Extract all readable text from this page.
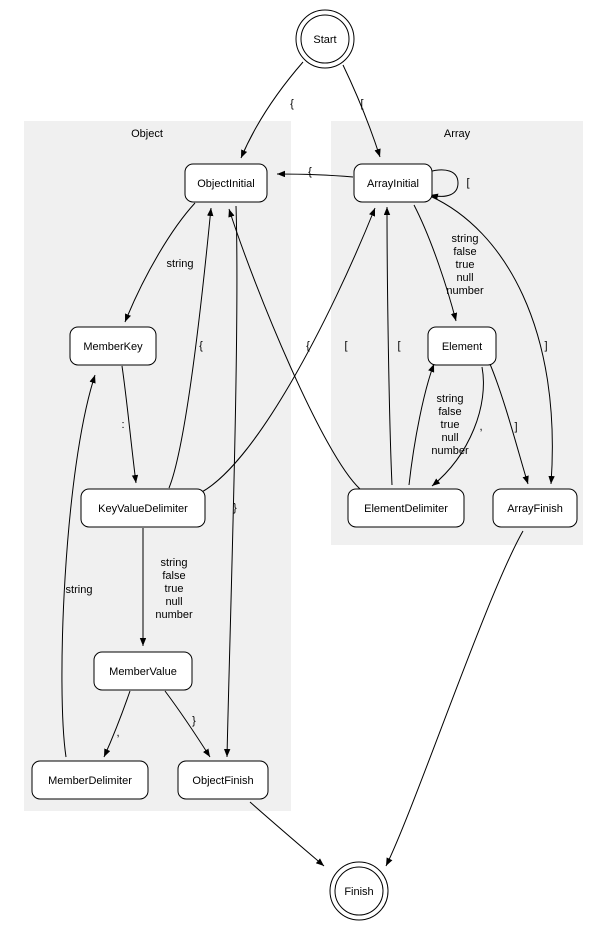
Object	Array
Start
Finish
ObjectInitial	ArrayInitial
MemberKey	Element
KeyValueDelimiter	ElementDelimiter	ArrayFinish
MemberValue
MemberDelimiter	ObjectFinish
{	[
{
[
string
:
{	[
string
false
true
null
number
string
,
}
}
string
false
true
null
number
string
false
true
null
number
[
{	]
,	]
